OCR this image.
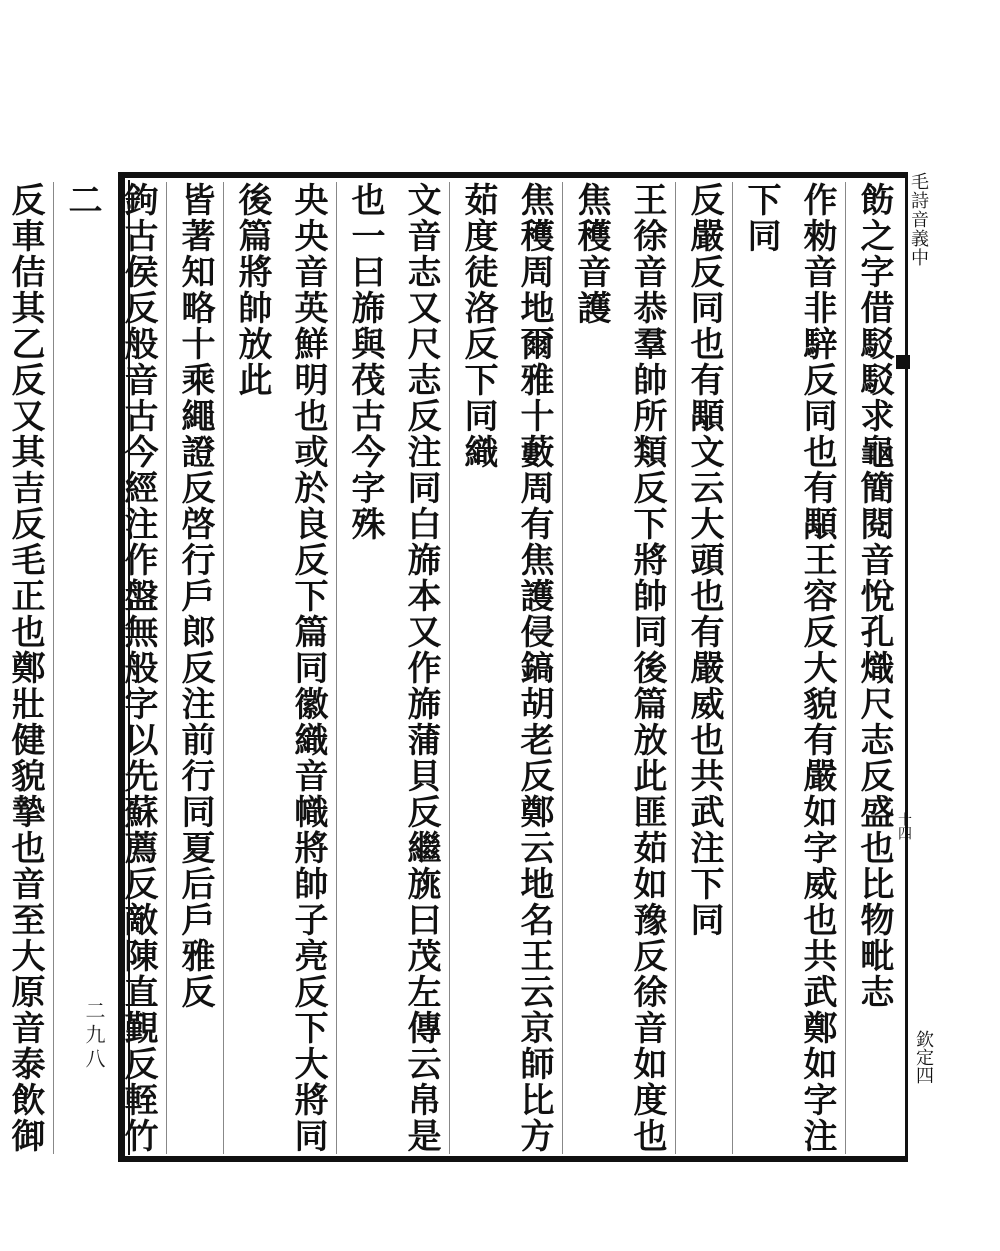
飭之字借駁駁求龜簡閱音悅孔熾尺志反盛也比物毗志
作勑音非騂反同也有顒王容反大貌有嚴如字威也共武鄭如字注下同
反嚴反同也有顒文云大頭也有嚴威也共武注下同
王徐音恭羣帥所類反下將帥同後篇放此匪茹如豫反徐音如度也焦穫音護
焦穫周地爾雅十藪周有焦護侵鎬胡老反鄭云地名王云京師比方茹度徒洛反下同織
文音志又尺志反注同白旆本又作旆蒲貝反繼旐曰茂左傳云帛是也一曰旆與茷古今字殊
央央音英鮮明也或於良反下篇同徽織音幟將帥子亮反下大將同後篇將帥放此
皆著知略十乘繩證反啓行戶郎反注前行同夏后戶雅反
鉤古侯反般音古今經注作盤無般字以先蘇薦反敵陳直覲反輊竹二
反車佶其乙反又其吉反毛正也鄭壯健貌摯也音至大原音泰飲御
毛詩音義中
十四
欽定四
二九八
